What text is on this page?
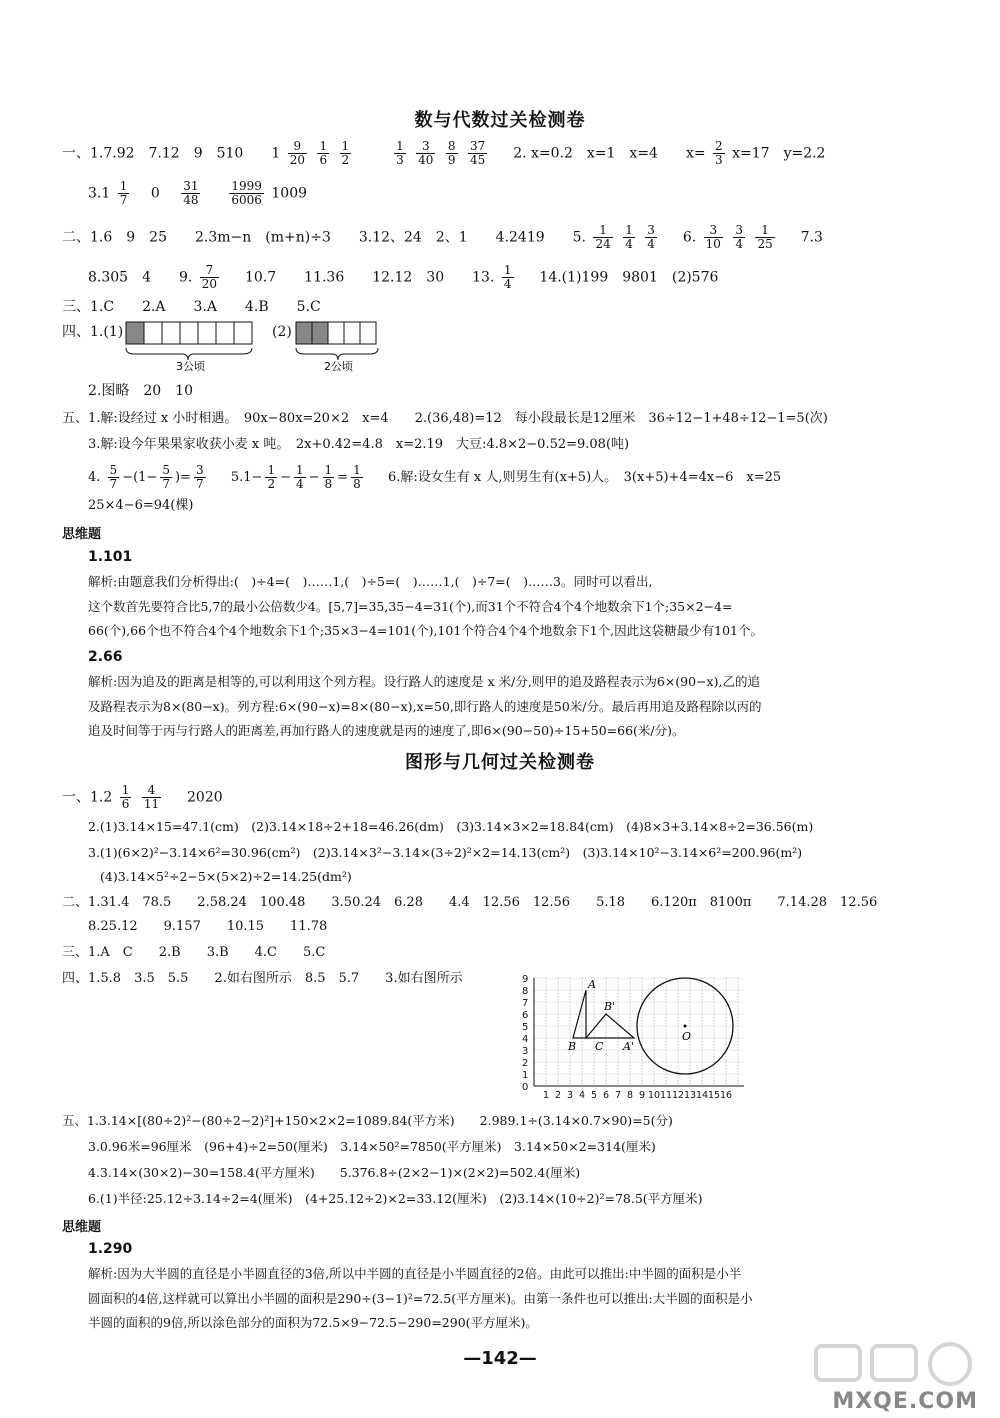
数与代数过关检测卷
一、1.7.92　7.12　9　510　　$1 \frac{9}{20}$
$\frac{1}{6}$
$\frac{1}{2}$
	$\frac{1}{3}$
$\frac{3}{40}$
$\frac{8}{9}$
$\frac{37}{45} 2$. x=0.2　x=1　x=4　　$x= \frac{2}{3} x=17$　y=2.2
$3.1 \frac{1}{7} 0 \frac{31}{48}$
$\frac{1999}{6006} 1009$
二、1.6　9　25　　2.3m−n　(m+n)÷3　　3.12、24　2、1　　4.2419　　5. $\frac{1}{24}$
$\frac{1}{4}$
$\frac{3}{4} 6$. $\frac{3}{10}$
$\frac{3}{4}$
$\frac{1}{25} 7.3$
8.305　4　　9. $\frac{7}{20} 10.7$　　11.36　　12.12　30　　13. $\frac{1}{4} 14.(1)199$　9801　(2)576
三、1.C　　2.A　　3.A　　4.B　　5.C
四、1.(1)
3公顷
(2)
2公顷
2.图略　20　10
五、1.解:设经过 x 小时相遇。　90x−80x=20×2　x=4　　2.(36,48)=12　每小段最长是12厘米　36÷12−1+48÷12−1=5(次)
3.解:设今年果果家收获小麦 x 吨。　2x+0.42=4.8　x=2.19　大豆:4.8×2−0.52=9.08(吨)
4. $\frac{5}{7} -(1- \frac{5}{7}$ )= $\frac{3}{7} 5.1- \frac{1}{2} - \frac{1}{4} - \frac{1}{8} = \frac{1}{8} 6$.解:设女生有 x 人,则男生有(x+5)人。　3(x+5)+4=4x−6　x=25
25×4−6=94(棵)
思维题
1.101
解析:由题意我们分析得出:(　)÷4=(　)……1,(　)÷5=(　)……1,(　)÷7=(　)……3。同时可以看出,
这个数首先要符合比5,7的最小公倍数少4。[5,7]=35,35−4=31(个),而31个不符合4个4个地数余下1个;35×2−4=
66(个),66个也不符合4个4个地数余下1个;35×3−4=101(个),101个符合4个4个地数余下1个,因此这袋糖最少有101个。
2.66
解析:因为追及的距离是相等的,可以利用这个列方程。设行路人的速度是 x 米/分,则甲的追及路程表示为6×(90−x),乙的追
及路程表示为8×(80−x)。列方程:6×(90−x)=8×(80−x),x=50,即行路人的速度是50米/分。最后再用追及路程除以丙的
追及时间等于丙与行路人的距离差,再加行路人的速度就是丙的速度了,即6×(90−50)÷15+50=66(米/分)。
图形与几何过关检测卷
一、$1.2 \frac{1}{6}$
$\frac{4}{11} 2020$
2.(1)3.14×15=47.1(cm)　(2)3.14×18÷2+18=46.26(dm)　(3)3.14×3×2=18.84(cm)　(4)8×3+3.14×8÷2=36.56(m)
3.(1)(6×2)²−3.14×6²=30.96(cm²)　(2)3.14×3²−3.14×(3÷2)²×2=14.13(cm²)　(3)3.14×10²−3.14×6²=200.96(m²)
(4)3.14×5²÷2−5×(5×2)÷2=14.25(dm²)
二、1.31.4　78.5　　2.58.24　100.48　　3.50.24　6.28　　4.4　12.56　12.56　　5.18　　6.120π　8100π　　7.14.28　12.56
8.25.12　　9.157　　10.15　　11.78
三、1.A　C　　2.B　　3.B　　4.C　　5.C
四、1.5.8　3.5　5.5　　2.如右图所示　8.5　5.7　　3.如右图所示
0
1
2
3
4
5
6
7
8
9
1 2 3 4 5 6 7 8 9 10 11 12 13 14 15 16
A
B'
B C A'
O
五、1.3.14×[(80÷2)²−(80÷2−2)²]+150×2×2=1089.84(平方米)　　2.989.1÷(3.14×0.7×90)=5(分)
3.0.96米=96厘米　(96+4)÷2=50(厘米)　3.14×50²=7850(平方厘米)　3.14×50×2=314(厘米)
4.3.14×(30×2)−30=158.4(平方厘米)　　5.376.8÷(2×2−1)×(2×2)=502.4(厘米)
6.(1)半径:25.12÷3.14÷2=4(厘米)　(4+25.12÷2)×2=33.12(厘米)　(2)3.14×(10÷2)²=78.5(平方厘米)
思维题
1.290
解析:因为大半圆的直径是小半圆直径的3倍,所以中半圆的直径是小半圆直径的2倍。由此可以推出:中半圆的面积是小半
圆面积的4倍,这样就可以算出小半圆的面积是290÷(3−1)²=72.5(平方厘米)。由第一条件也可以推出:大半圆的面积是小
半圆的面积的9倍,所以涂色部分的面积为72.5×9−72.5−290=290(平方厘米)。
—142—
MXQE.COM
